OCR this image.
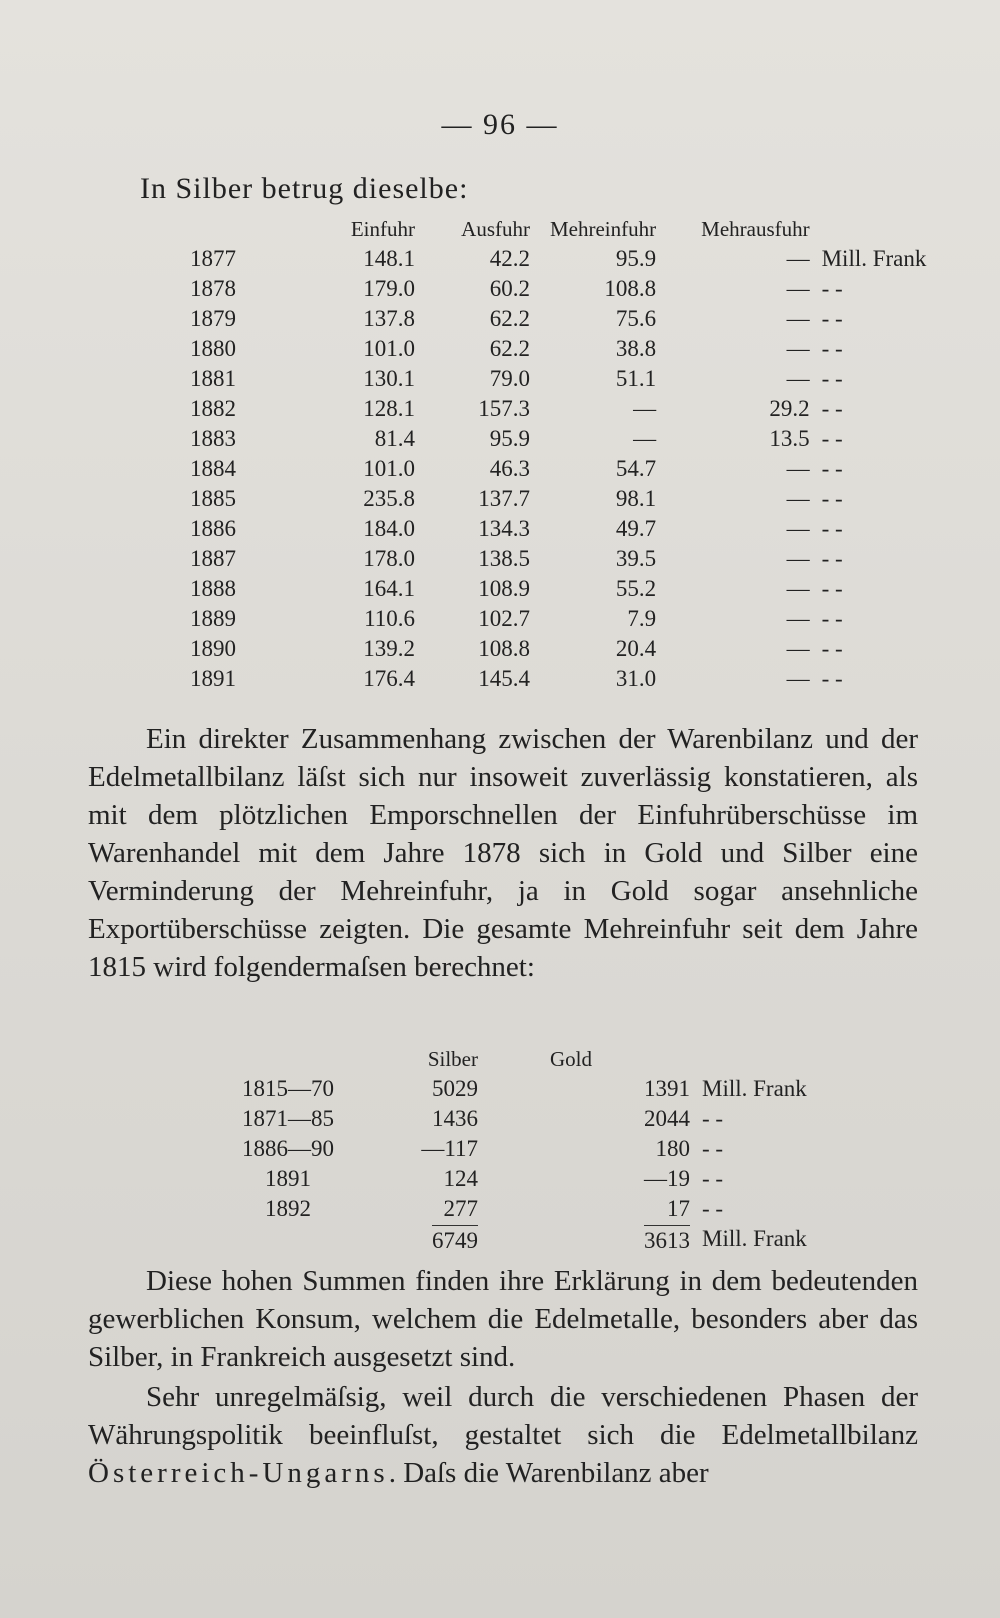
— 96 —
In Silber betrug dieselbe:
	Einfuhr	Ausfuhr	Mehreinfuhr	Mehrausfuhr	
1877	148.1	42.2	95.9	—	Mill. Frank
1878	179.0	60.2	108.8	—	- -
1879	137.8	62.2	75.6	—	- -
1880	101.0	62.2	38.8	—	- -
1881	130.1	79.0	51.1	—	- -
1882	128.1	157.3	—	29.2	- -
1883	81.4	95.9	—	13.5	- -
1884	101.0	46.3	54.7	—	- -
1885	235.8	137.7	98.1	—	- -
1886	184.0	134.3	49.7	—	- -
1887	178.0	138.5	39.5	—	- -
1888	164.1	108.9	55.2	—	- -
1889	110.6	102.7	7.9	—	- -
1890	139.2	108.8	20.4	—	- -
1891	176.4	145.4	31.0	—	- -
Ein direkter Zusammenhang zwischen der Warenbilanz und der Edelmetallbilanz läſst sich nur insoweit zuverlässig konstatieren, als mit dem plötzlichen Emporschnellen der Einfuhrüberschüsse im Warenhandel mit dem Jahre 1878 sich in Gold und Silber eine Verminderung der Mehreinfuhr, ja in Gold sogar ansehnliche Exportüberschüsse zeigten. Die gesamte Mehreinfuhr seit dem Jahre 1815 wird folgendermaſsen berechnet:
	Silber	Gold	
1815—70	5029	1391	Mill. Frank
1871—85	1436	2044	- -
1886—90	—117	180	- -
1891	124	—19	- -
1892	277	17	- -
	6749	3613	Mill. Frank
Diese hohen Summen finden ihre Erklärung in dem bedeutenden gewerblichen Konsum, welchem die Edelmetalle, besonders aber das Silber, in Frankreich ausgesetzt sind.
Sehr unregelmäſsig, weil durch die verschiedenen Phasen der Währungspolitik beeinfluſst, gestaltet sich die Edelmetallbilanz Österreich-Ungarns. Daſs die Warenbilanz aber
